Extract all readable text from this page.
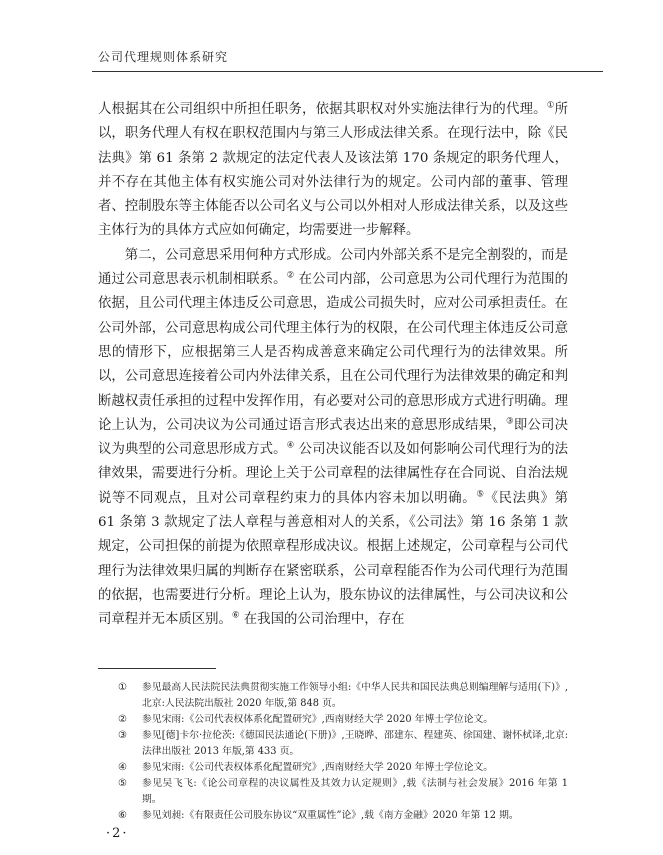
公司代理规则体系研究

人根据其在公司组织中所担任职务，依据其职权对外实施法律行为的代理。①所以，职务代理人有权在职权范围内与第三人形成法律关系。在现行法中，除《民法典》第 61 条第 2 款规定的法定代表人及该法第 170 条规定的职务代理人，并不存在其他主体有权实施公司对外法律行为的规定。公司内部的董事、管理者、控制股东等主体能否以公司名义与公司以外相对人形成法律关系，以及这些主体行为的具体方式应如何确定，均需要进一步解释。

第二，公司意思采用何种方式形成。公司内外部关系不是完全割裂的，而是通过公司意思表示机制相联系。② 在公司内部，公司意思为公司代理行为范围的依据，且公司代理主体违反公司意思，造成公司损失时，应对公司承担责任。在公司外部，公司意思构成公司代理主体行为的权限，在公司代理主体违反公司意思的情形下，应根据第三人是否构成善意来确定公司代理行为的法律效果。所以，公司意思连接着公司内外法律关系，且在公司代理行为法律效果的确定和判断越权责任承担的过程中发挥作用，有必要对公司的意思形成方式进行明确。理论上认为，公司决议为公司通过语言形式表达出来的意思形成结果，③即公司决议为典型的公司意思形成方式。④ 公司决议能否以及如何影响公司代理行为的法律效果，需要进行分析。理论上关于公司章程的法律属性存在合同说、自治法规说等不同观点，且对公司章程约束力的具体内容未加以明确。⑤《民法典》第 61 条第 3 款规定了法人章程与善意相对人的关系，《公司法》第 16 条第 1 款规定，公司担保的前提为依照章程形成决议。根据上述规定，公司章程与公司代理行为法律效果归属的判断存在紧密联系，公司章程能否作为公司代理行为范围的依据，也需要进行分析。理论上认为，股东协议的法律属性，与公司决议和公司章程并无本质区别。⑥ 在我国的公司治理中，存在

① 参见最高人民法院民法典贯彻实施工作领导小组:《中华人民共和国民法典总则编理解与适用(下)》,北京:人民法院出版社 2020 年版,第 848 页。

② 参见宋雨:《公司代表权体系化配置研究》,西南财经大学 2020 年博士学位论文。

③ 参见[德]卡尔·拉伦茨:《德国民法通论(下册)》,王晓晔、邵建东、程建英、徐国建、谢怀栻译,北京:法律出版社 2013 年版,第 433 页。

④ 参见宋雨:《公司代表权体系化配置研究》,西南财经大学 2020 年博士学位论文。

⑤ 参见吴飞飞:《论公司章程的决议属性及其效力认定规则》,载《法制与社会发展》2016 年第 1 期。

⑥ 参见刘昶:《有限责任公司股东协议“双重属性”论》,载《南方金融》2020 年第 12 期。

·2·
